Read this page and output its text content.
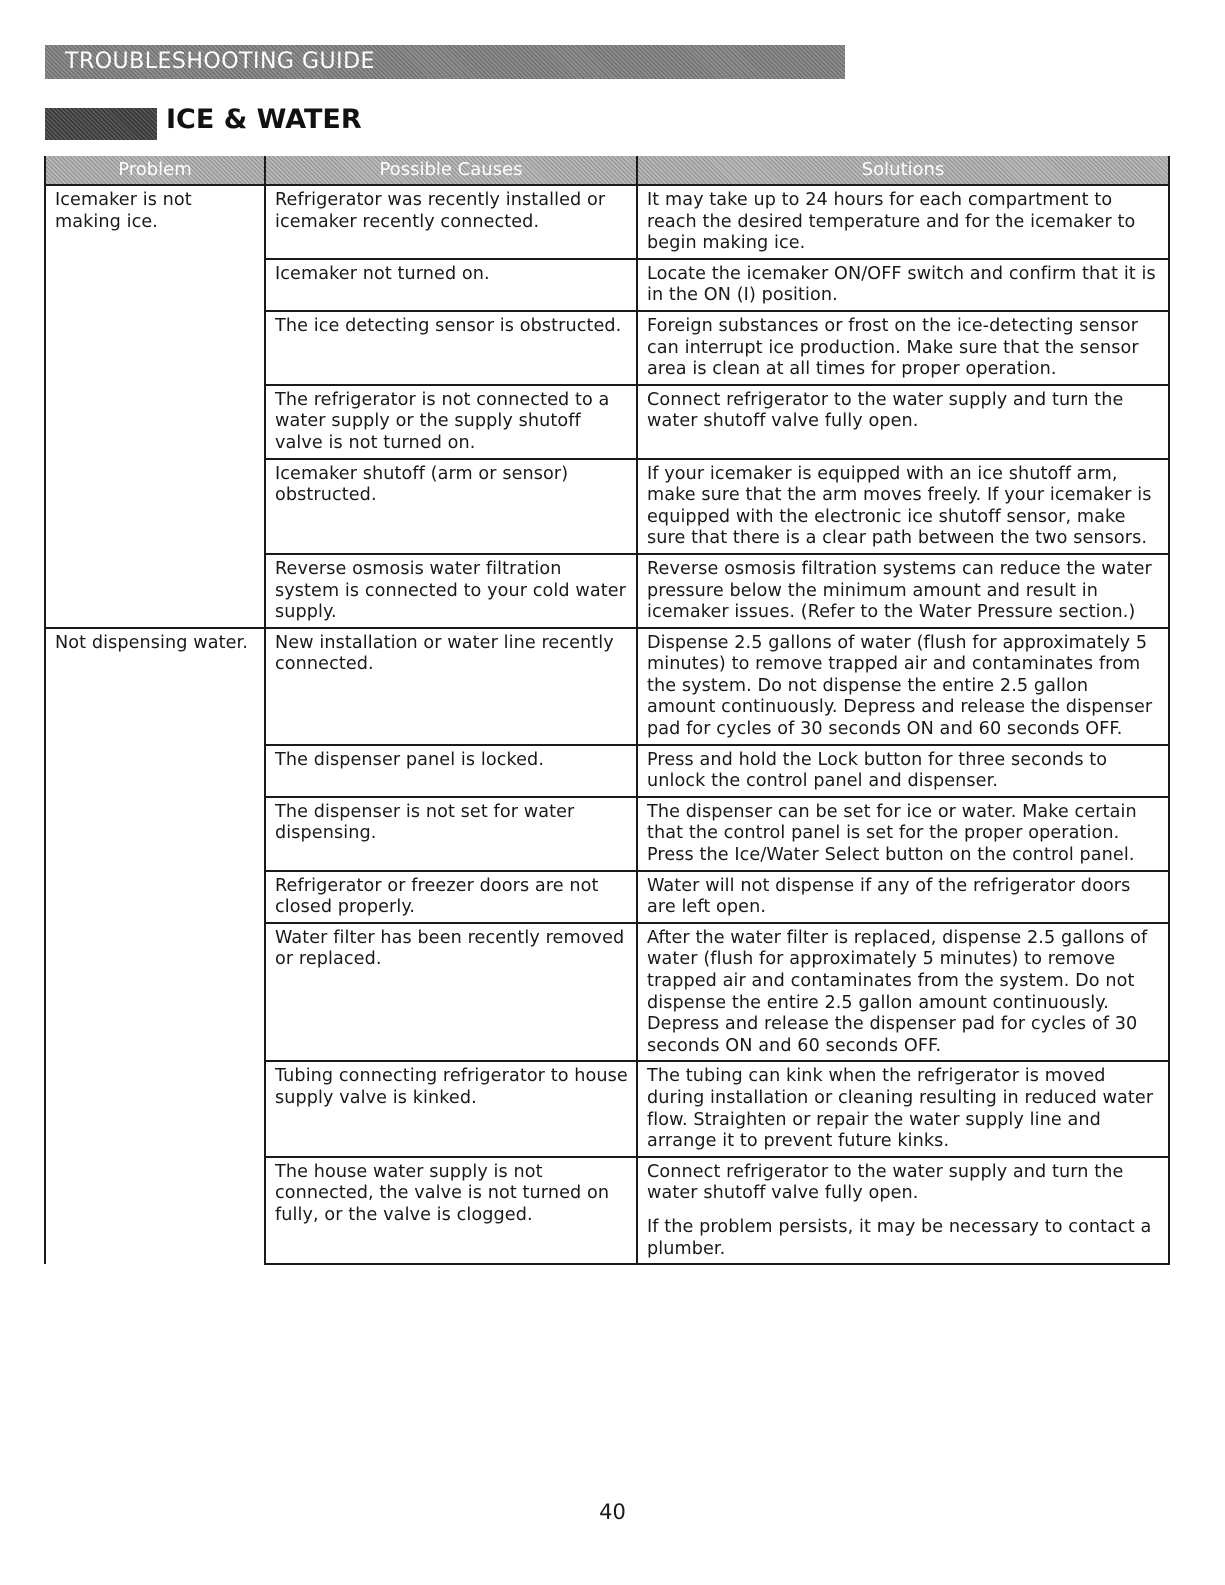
TROUBLESHOOTING GUIDE
ICE & WATER
Problem	Possible Causes	Solutions
Icemaker is not making ice.	Refrigerator was recently installed or icemaker recently connected.	It may take up to 24 hours for each compartment to reach the desired temperature and for the icemaker to begin making ice.

	Icemaker not turned on.	Locate the icemaker ON/OFF switch and confirm that it is in the ON (I) position.

	The ice detecting sensor is obstructed.	Foreign substances or frost on the ice-detecting sensor can interrupt ice production. Make sure that the sensor area is clean at all times for proper operation.

	The refrigerator is not connected to a water supply or the supply shutoff valve is not turned on.	Connect refrigerator to the water supply and turn the water shutoff valve fully open.

	Icemaker shutoff (arm or sensor) obstructed.	If your icemaker is equipped with an ice shutoff arm, make sure that the arm moves freely. If your icemaker is equipped with the electronic ice shutoff sensor, make sure that there is a clear path between the two sensors.

	Reverse osmosis water filtration system is connected to your cold water supply.	Reverse osmosis filtration systems can reduce the water pressure below the minimum amount and result in icemaker issues. (Refer to the Water Pressure section.)

Not dispensing water.	New installation or water line recently connected.	Dispense 2.5 gallons of water (flush for approximately 5 minutes) to remove trapped air and contaminates from the system. Do not dispense the entire 2.5 gallon amount continuously. Depress and release the dispenser pad for cycles of 30 seconds ON and 60 seconds OFF.

	The dispenser panel is locked.	Press and hold the Lock button for three seconds to unlock the control panel and dispenser.

	The dispenser is not set for water dispensing.	The dispenser can be set for ice or water. Make certain that the control panel is set for the proper operation. Press the Ice/Water Select button on the control panel.

	Refrigerator or freezer doors are not closed properly.	Water will not dispense if any of the refrigerator doors are left open.

	Water filter has been recently removed or replaced.	After the water filter is replaced, dispense 2.5 gallons of water (flush for approximately 5 minutes) to remove trapped air and contaminates from the system. Do not dispense the entire 2.5 gallon amount continuously. Depress and release the dispenser pad for cycles of 30 seconds ON and 60 seconds OFF.

	Tubing connecting refrigerator to house supply valve is kinked.	The tubing can kink when the refrigerator is moved during installation or cleaning resulting in reduced water flow. Straighten or repair the water supply line and arrange it to prevent future kinks.

	The house water supply is not connected, the valve is not turned on fully, or the valve is clogged.	Connect refrigerator to the water supply and turn the water shutoff valve fully open.

If the problem persists, it may be necessary to contact a plumber.

40
